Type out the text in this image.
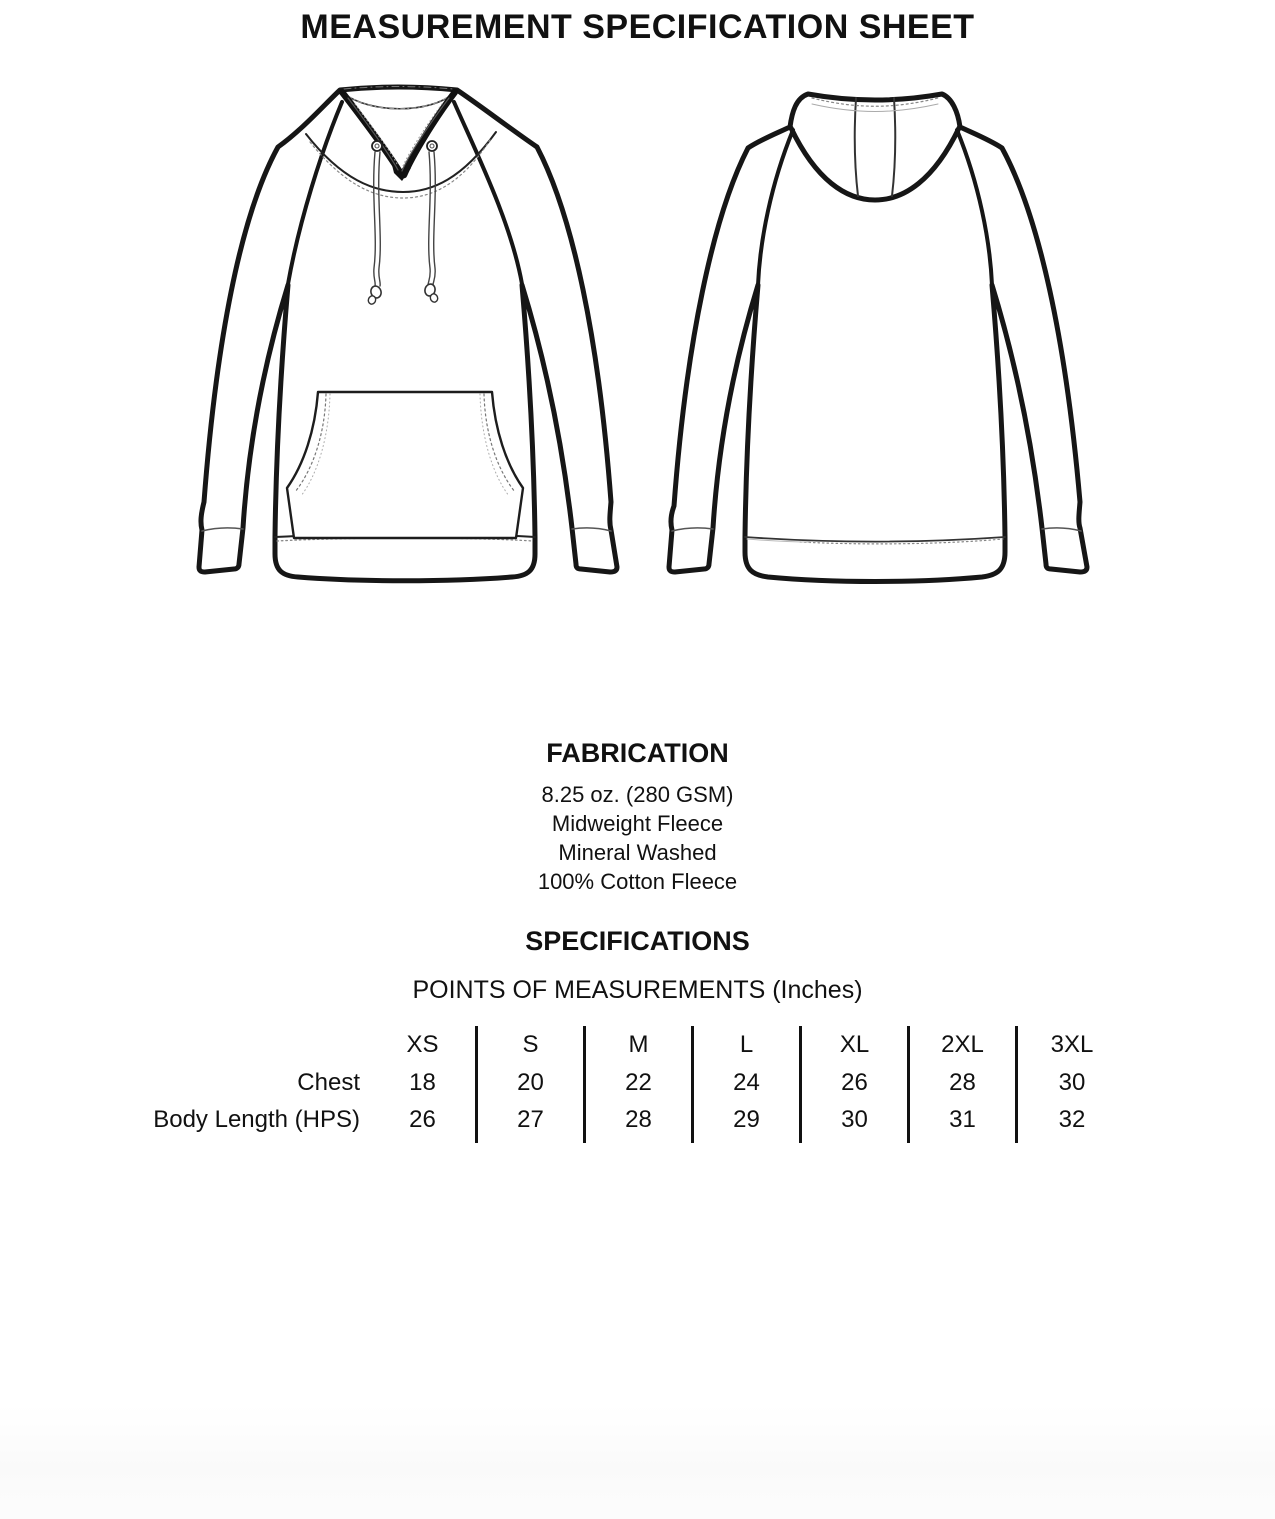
MEASUREMENT SPECIFICATION SHEET
FABRICATION
8.25 oz. (280 GSM)
Midweight Fleece
Mineral Washed
100% Cotton Fleece
SPECIFICATIONS
POINTS OF MEASUREMENTS (Inches)
XS	S	M	L	XL	2XL	3XL
Chest	18	20	22	24	26	28	30
Body Length (HPS)	26	27	28	29	30	31	32
